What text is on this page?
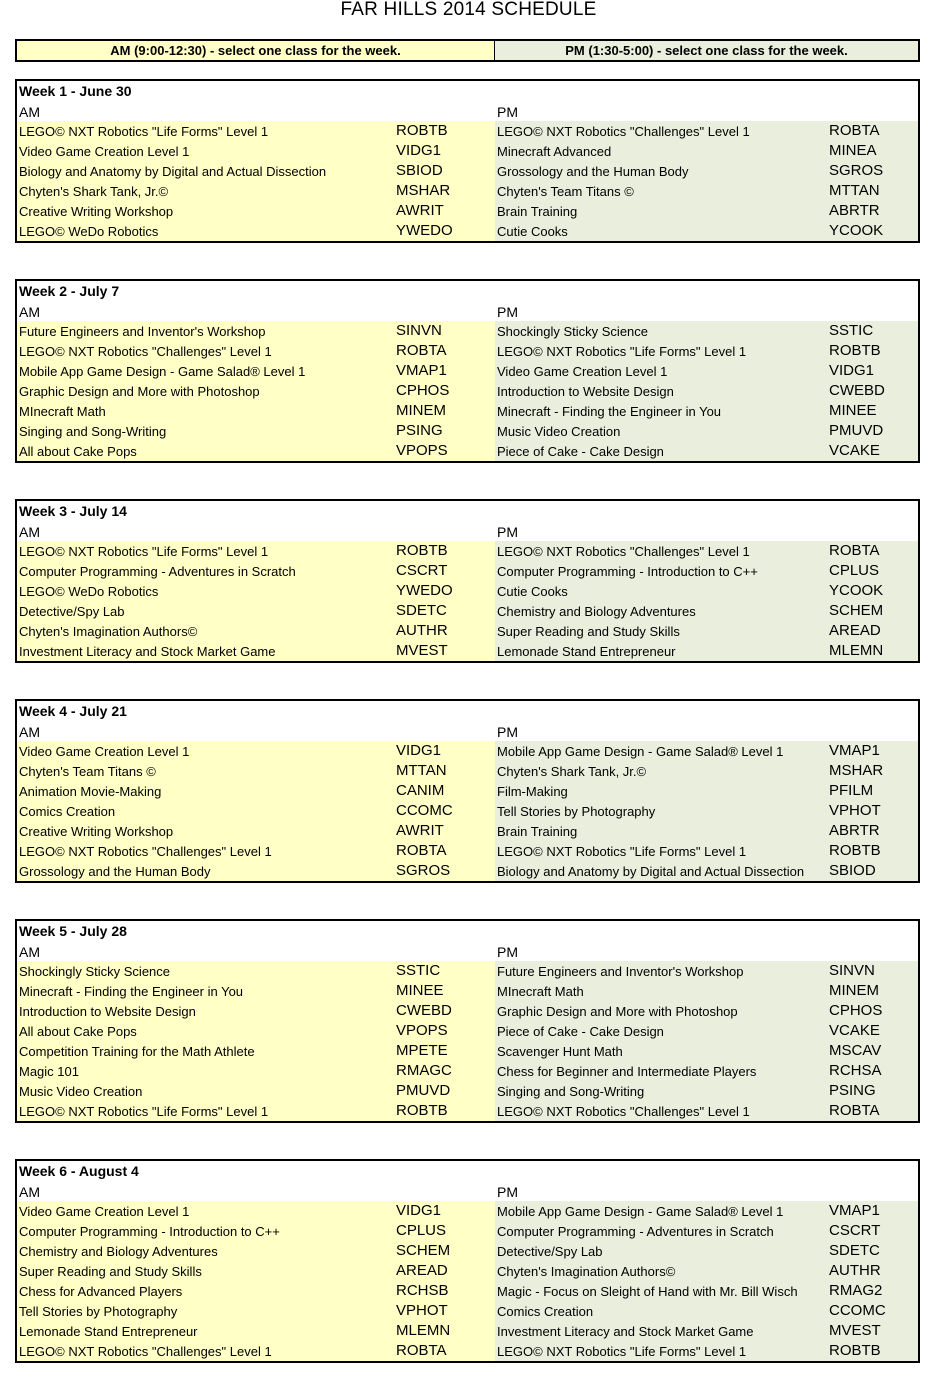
FAR HILLS 2014 SCHEDULE
AM (9:00-12:30) - select one class for the week.	PM (1:30-5:00) - select one class for the week.
Week 1 - June 30
AM	PM
LEGO© NXT Robotics "Life Forms" Level 1	ROBTB	LEGO© NXT Robotics "Challenges" Level 1	ROBTA
Video Game Creation Level 1	VIDG1	Minecraft Advanced	MINEA
Biology and Anatomy by Digital and Actual Dissection	SBIOD	Grossology and the Human Body	SGROS
Chyten's Shark Tank, Jr.©	MSHAR	Chyten's Team Titans ©	MTTAN
Creative Writing Workshop	AWRIT	Brain Training	ABRTR
LEGO© WeDo Robotics	YWEDO	Cutie Cooks	YCOOK
Week 2 - July 7
AM	PM
Future Engineers and Inventor's Workshop	SINVN	Shockingly Sticky Science	SSTIC
LEGO© NXT Robotics "Challenges" Level 1	ROBTA	LEGO© NXT Robotics "Life Forms" Level 1	ROBTB
Mobile App Game Design - Game Salad® Level 1	VMAP1	Video Game Creation Level 1	VIDG1
Graphic Design and More with Photoshop	CPHOS	Introduction to Website Design	CWEBD
MInecraft Math	MINEM	Minecraft - Finding the Engineer in You	MINEE
Singing and Song-Writing	PSING	Music Video Creation	PMUVD
All about Cake Pops	VPOPS	Piece of Cake - Cake Design	VCAKE
Week 3 - July 14
AM	PM
LEGO© NXT Robotics "Life Forms" Level 1	ROBTB	LEGO© NXT Robotics "Challenges" Level 1	ROBTA
Computer Programming - Adventures in Scratch	CSCRT	Computer Programming - Introduction to C++	CPLUS
LEGO© WeDo Robotics	YWEDO	Cutie Cooks	YCOOK
Detective/Spy Lab	SDETC	Chemistry and Biology Adventures	SCHEM
Chyten's Imagination Authors©	AUTHR	Super Reading and Study Skills	AREAD
Investment Literacy and Stock Market Game	MVEST	Lemonade Stand Entrepreneur	MLEMN
Week 4 - July 21
AM	PM
Video Game Creation Level 1	VIDG1	Mobile App Game Design - Game Salad® Level 1	VMAP1
Chyten's Team Titans ©	MTTAN	Chyten's Shark Tank, Jr.©	MSHAR
Animation Movie-Making	CANIM	Film-Making	PFILM
Comics Creation	CCOMC	Tell Stories by Photography	VPHOT
Creative Writing Workshop	AWRIT	Brain Training	ABRTR
LEGO© NXT Robotics "Challenges" Level 1	ROBTA	LEGO© NXT Robotics "Life Forms" Level 1	ROBTB
Grossology and the Human Body	SGROS	Biology and Anatomy by Digital and Actual Dissection SBIOD
Week 5 - July 28
AM	PM
Shockingly Sticky Science	SSTIC	Future Engineers and Inventor's Workshop	SINVN
Minecraft - Finding the Engineer in You	MINEE	MInecraft Math	MINEM
Introduction to Website Design	CWEBD	Graphic Design and More with Photoshop	CPHOS
All about Cake Pops	VPOPS	Piece of Cake - Cake Design	VCAKE
Competition Training for the Math Athlete	MPETE	Scavenger Hunt Math	MSCAV
Magic 101	RMAGC	Chess for Beginner and Intermediate Players	RCHSA
Music Video Creation	PMUVD	Singing and Song-Writing	PSING
LEGO© NXT Robotics "Life Forms" Level 1	ROBTB	LEGO© NXT Robotics "Challenges" Level 1	ROBTA
Week 6 - August 4
AM	PM
Video Game Creation Level 1	VIDG1	Mobile App Game Design - Game Salad® Level 1	VMAP1
Computer Programming - Introduction to C++	CPLUS	Computer Programming - Adventures in Scratch	CSCRT
Chemistry and Biology Adventures	SCHEM	Detective/Spy Lab	SDETC
Super Reading and Study Skills	AREAD	Chyten's Imagination Authors©	AUTHR
Chess for Advanced Players	RCHSB	Magic - Focus on Sleight of Hand with Mr. Bill Wisch RMAG2
Tell Stories by Photography	VPHOT	Comics Creation	CCOMC
Lemonade Stand Entrepreneur	MLEMN	Investment Literacy and Stock Market Game	MVEST
LEGO© NXT Robotics "Challenges" Level 1	ROBTA	LEGO© NXT Robotics "Life Forms" Level 1	ROBTB
